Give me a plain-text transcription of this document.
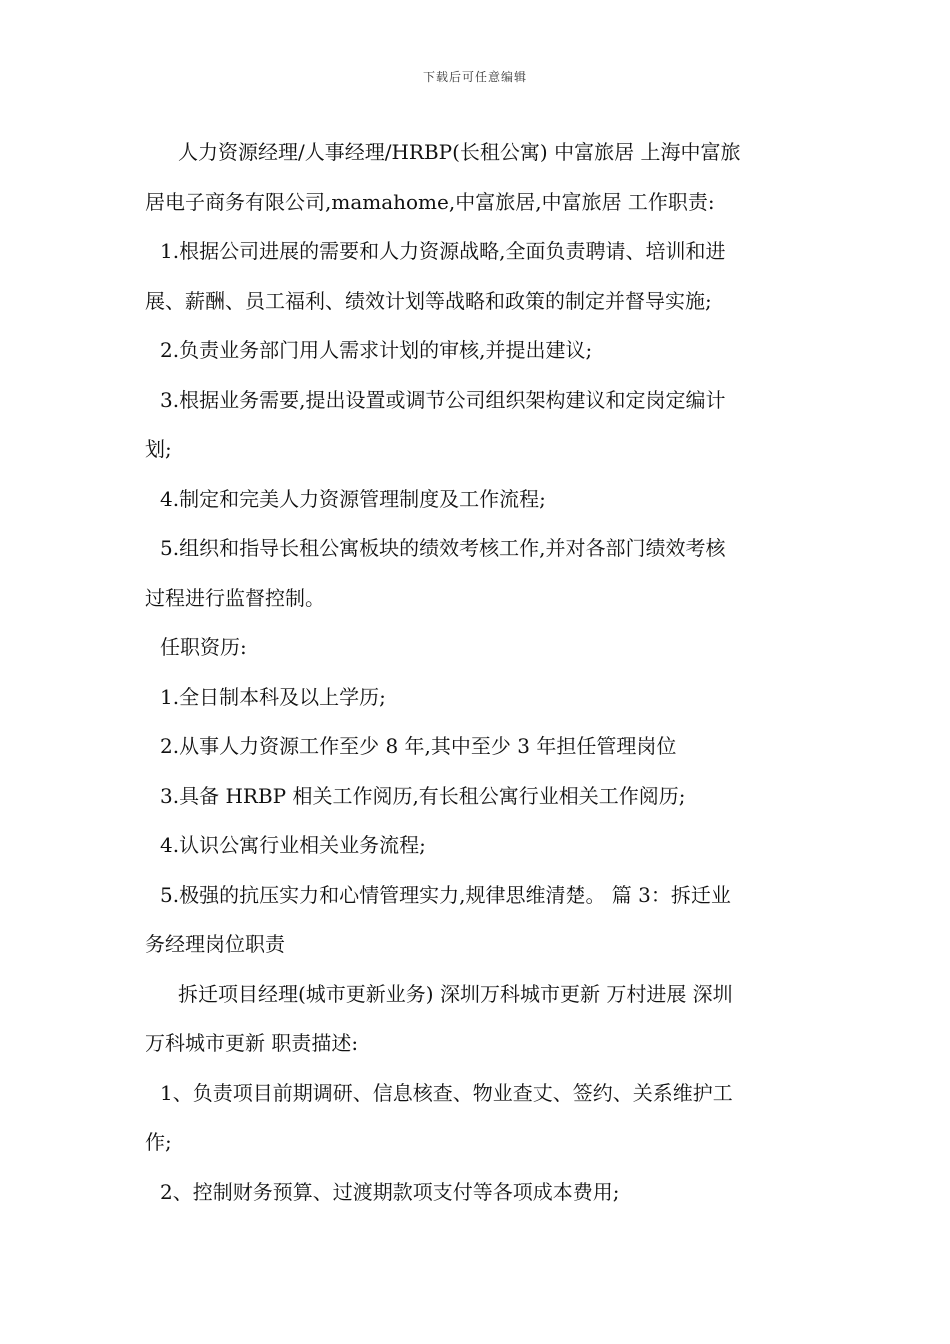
下载后可任意编辑
人力资源经理/人事经理/HRBP(长租公寓) 中富旅居 上海中富旅
居电子商务有限公司,mamahome,中富旅居,中富旅居 工作职责:
1.根据公司进展的需要和人力资源战略,全面负责聘请、培训和进
展、薪酬、员工福利、绩效计划等战略和政策的制定并督导实施;
2.负责业务部门用人需求计划的审核,并提出建议;
3.根据业务需要,提出设置或调节公司组织架构建议和定岗定编计
划;
4.制定和完美人力资源管理制度及工作流程;
5.组织和指导长租公寓板块的绩效考核工作,并对各部门绩效考核
过程进行监督控制。
任职资历:
1.全日制本科及以上学历;
2.从事人力资源工作至少 8 年,其中至少 3 年担任管理岗位
3.具备 HRBP 相关工作阅历,有长租公寓行业相关工作阅历;
4.认识公寓行业相关业务流程;
5.极强的抗压实力和心情管理实力,规律思维清楚。 篇 3：拆迁业
务经理岗位职责
拆迁项目经理(城市更新业务) 深圳万科城市更新 万村进展 深圳
万科城市更新 职责描述:
1、负责项目前期调研、信息核查、物业查丈、签约、关系维护工
作;
2、控制财务预算、过渡期款项支付等各项成本费用;
